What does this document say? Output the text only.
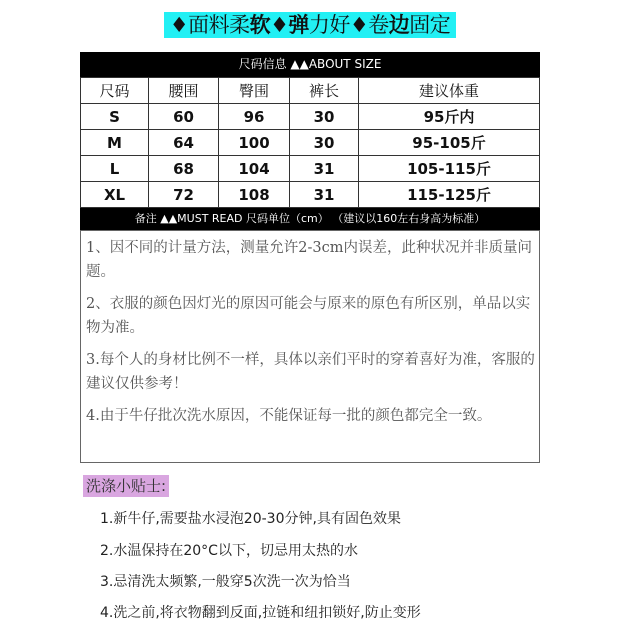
♦面料柔软♦弹力好♦卷边固定
尺码信息 ▲▲ABOUT SIZE
尺码	腰围	臀围	裤长	建议体重
S	60	96	30	95斤内
M	64	100	30	95-105斤
L	68	104	31	105-115斤
XL	72	108	31	115-125斤
备注 ▲▲MUST READ 尺码单位（cm） （建议以160左右身高为标准）

1、因不同的计量方法，测量允许2-3cm内误差，此种状况并非质量问题。

2、衣服的颜色因灯光的原因可能会与原来的原色有所区别，单品以实物为准。

3.每个人的身材比例不一样，具体以亲们平时的穿着喜好为准，客服的建议仅供参考！

4.由于牛仔批次洗水原因，不能保证每一批的颜色都完全一致。

洗涤小贴士:
1.新牛仔,需要盐水浸泡20-30分钟,具有固色效果
2.水温保持在20°C以下，切忌用太热的水
3.忌清洗太频繁,一般穿5次洗一次为恰当
4.洗之前,将衣物翻到反面,拉链和纽扣锁好,防止变形
